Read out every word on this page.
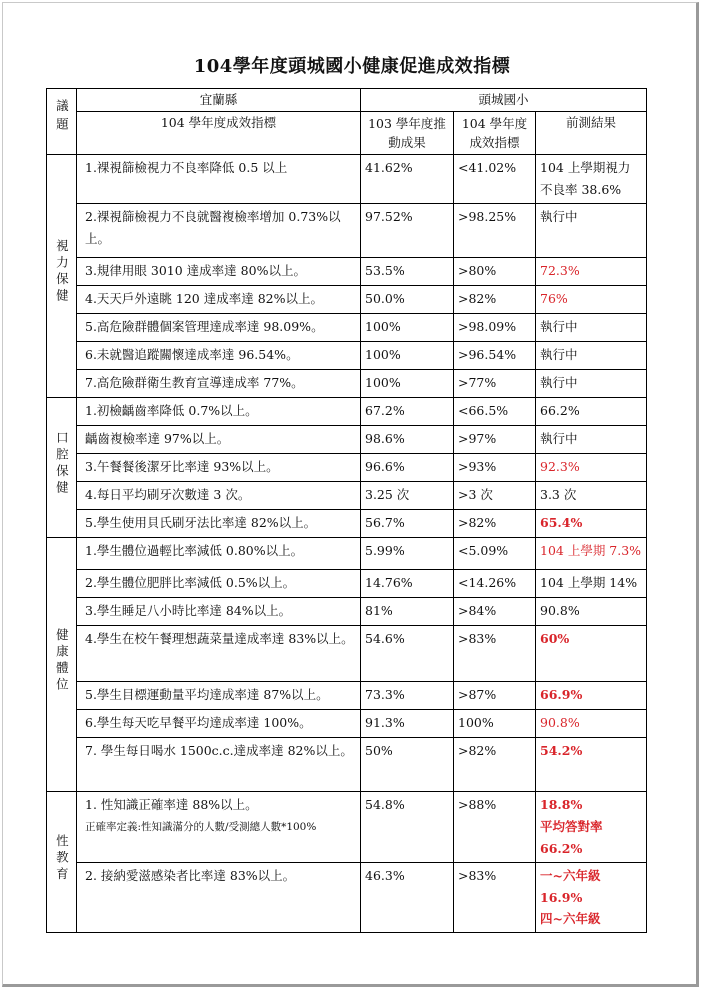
104學年度頭城國小健康促進成效指標
議題	宜蘭縣	頭城國小		
	104 學年度成效指標	103 學年度推動成果	104 學年度成效指標	前測結果
視力保健	1.裸視篩檢視力不良率降低 0.5 以上	41.62%	<41.02%	104 上學期視力不良率 38.6%

	2.裸視篩檢視力不良就醫複檢率增加 0.73%以上。	97.52%	>98.25%	執行中

	3.規律用眼 3010 達成率達 80%以上。	53.5%	>80%	72.3%

	4.天天戶外遠眺 120 達成率達 82%以上。	50.0%	>82%	76%

	5.高危險群體個案管理達成率達 98.09%。	100%	>98.09%	執行中

	6.未就醫追蹤關懷達成率達 96.54%。	100%	>96.54%	執行中

	7.高危險群衛生教育宣導達成率 77%。	100%	>77%	執行中

口腔保健	1.初檢齲齒率降低 0.7%以上。	67.2%	<66.5%	66.2%

	齲齒複檢率達 97%以上。	98.6%	>97%	執行中

	3.午餐餐後潔牙比率達 93%以上。	96.6%	>93%	92.3%

	4.每日平均刷牙次數達 3 次。	3.25 次	>3 次	3.3 次

	5.學生使用貝氏刷牙法比率達 82%以上。	56.7%	>82%	65.4%

健康體位	1.學生體位過輕比率減低 0.80%以上。	5.99%	<5.09%	104 上學期 7.3%

	2.學生體位肥胖比率減低 0.5%以上。	14.76%	<14.26%	104 上學期 14%

	3.學生睡足八小時比率達 84%以上。	81%	>84%	90.8%

	4.學生在校午餐理想蔬菜量達成率達 83%以上。	54.6%	>83%	60%

	5.學生目標運動量平均達成率達 87%以上。	73.3%	>87%	66.9%

	6.學生每天吃早餐平均達成率達 100%。	91.3%	100%	90.8%

	7. 學生每日喝水 1500c.c.達成率達 82%以上。	50%	>82%	54.2%

性教育	1. 性知識正確率達 88%以上。
正確率定義:性知識滿分的人數/受測總人數*100%	54.8%	>88%	18.8%
平均答對率
66.2%

	2. 接納愛滋感染者比率達 83%以上。	46.3%	>83%	一~六年級
16.9%
四~六年級
